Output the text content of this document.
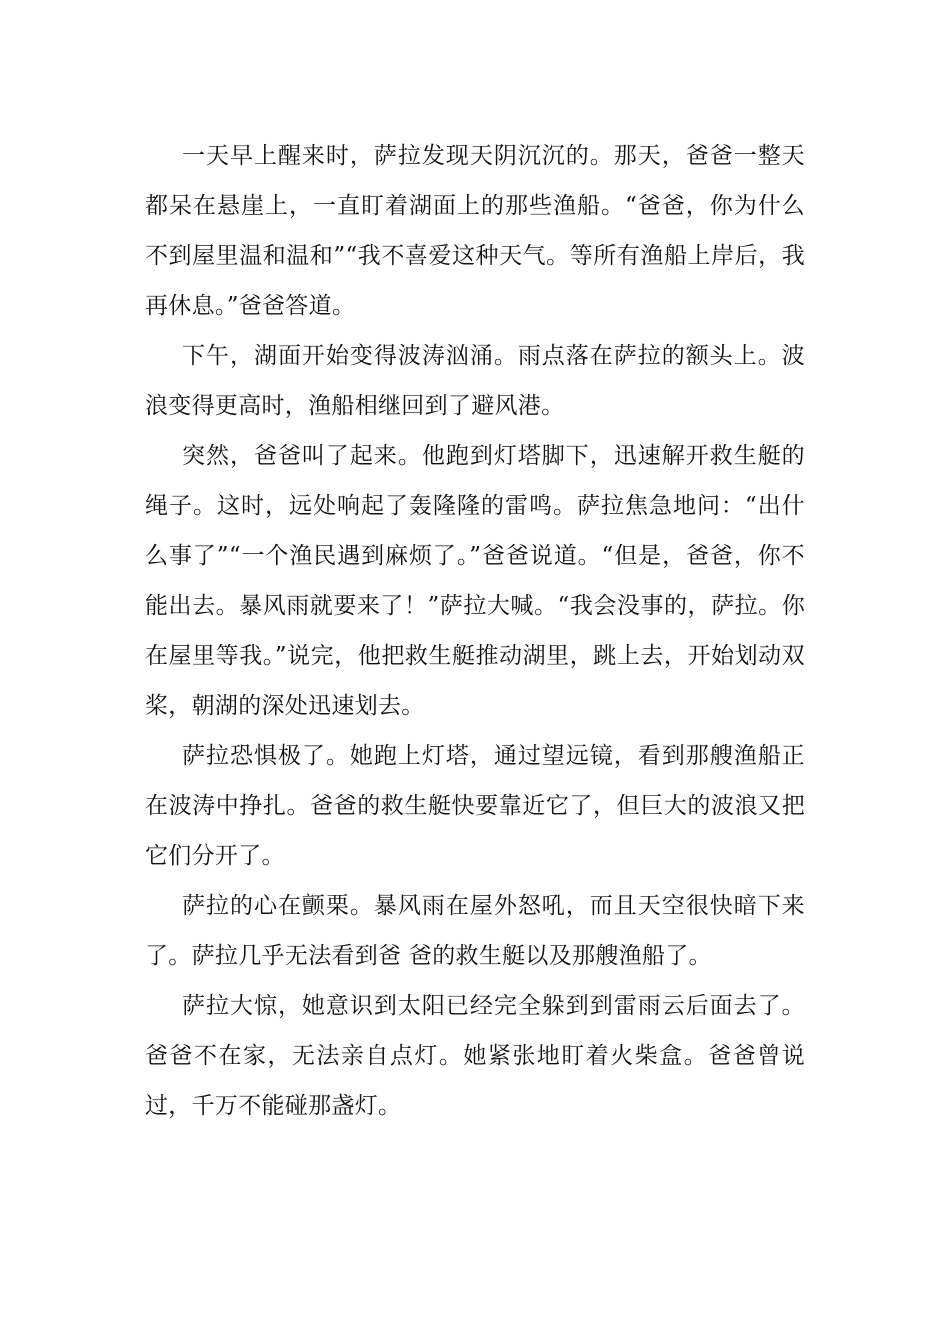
一天早上醒来时，萨拉发现天阴沉沉的。那天，爸爸一整天都呆在悬崖上，一直盯着湖面上的那些渔船。“爸爸，你为什么不到屋里温和温和”“我不喜爱这种天气。等所有渔船上岸后，我再休息。”爸爸答道。

下午，湖面开始变得波涛汹涌。雨点落在萨拉的额头上。波浪变得更高时，渔船相继回到了避风港。

突然，爸爸叫了起来。他跑到灯塔脚下，迅速解开救生艇的绳子。这时，远处响起了轰隆隆的雷鸣。萨拉焦急地问：“出什么事了”“一个渔民遇到麻烦了。”爸爸说道。“但是，爸爸，你不能出去。暴风雨就要来了！”萨拉大喊。“我会没事的，萨拉。你在屋里等我。”说完，他把救生艇推动湖里，跳上去，开始划动双桨，朝湖的深处迅速划去。

萨拉恐惧极了。她跑上灯塔，通过望远镜，看到那艘渔船正在波涛中挣扎。爸爸的救生艇快要靠近它了，但巨大的波浪又把它们分开了。

萨拉的心在颤栗。暴风雨在屋外怒吼，而且天空很快暗下来了。萨拉几乎无法看到爸 爸的救生艇以及那艘渔船了。

萨拉大惊，她意识到太阳已经完全躲到到雷雨云后面去了。爸爸不在家，无法亲自点灯。她紧张地盯着火柴盒。爸爸曾说过，千万不能碰那盏灯。
